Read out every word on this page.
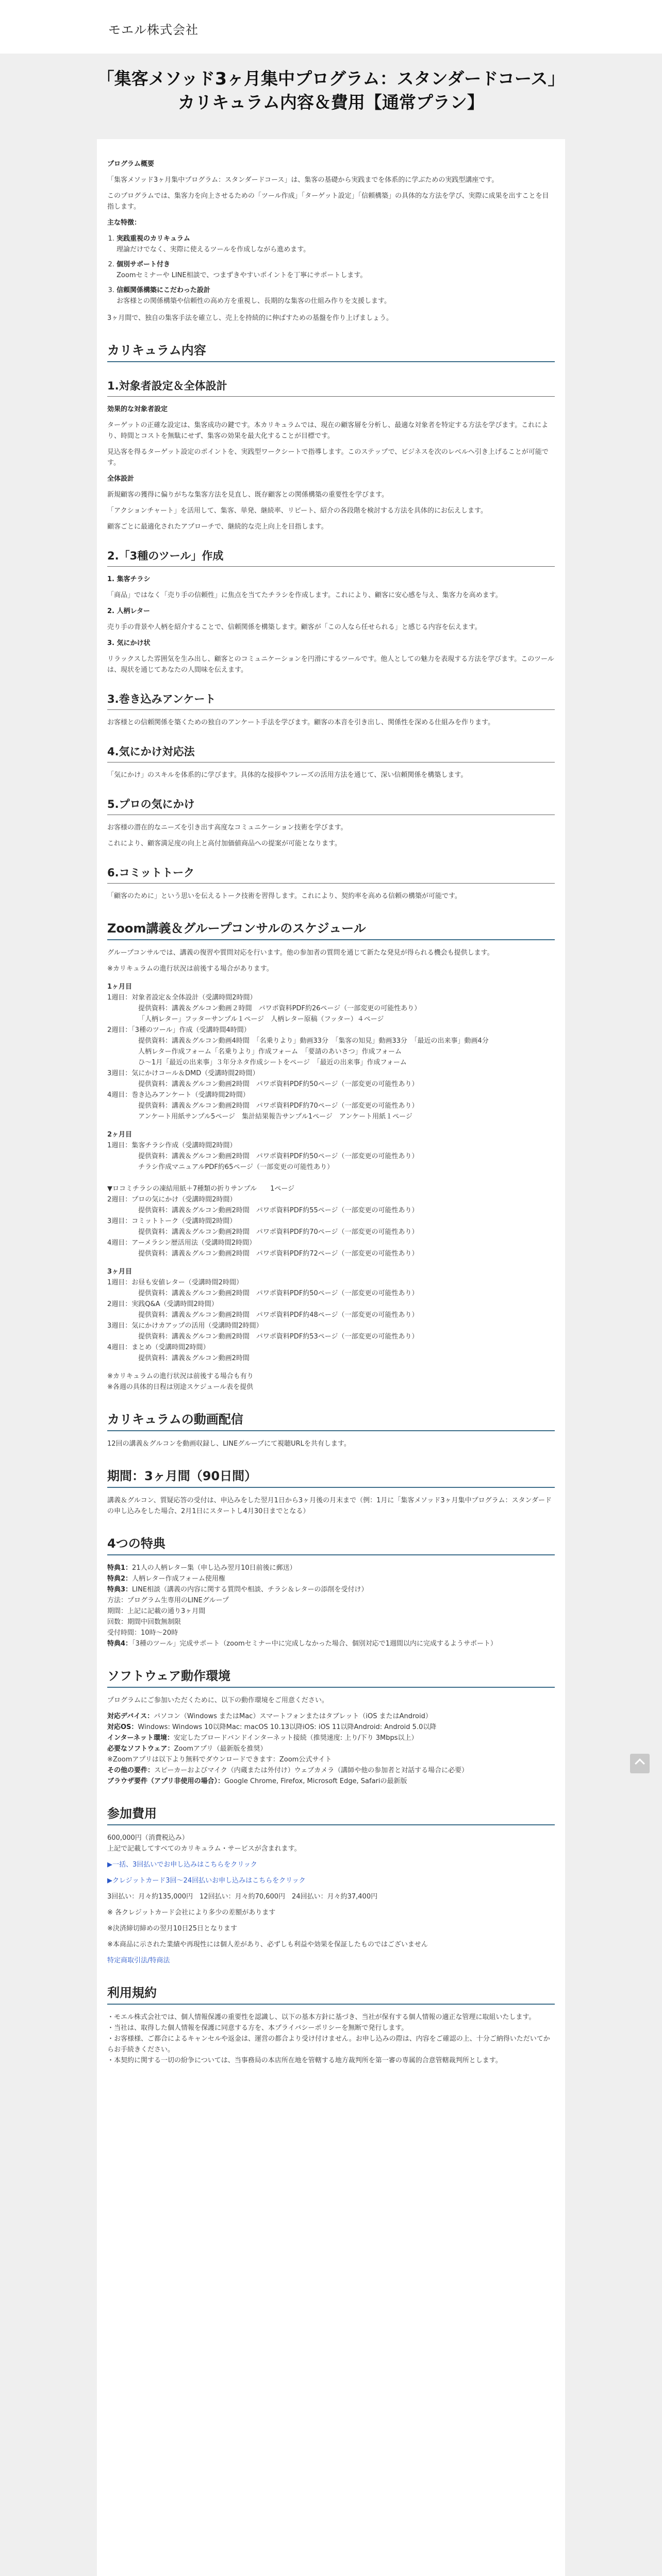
モエル株式会社
「集客メソッド3ヶ月集中プログラム：スタンダードコース」
カリキュラム内容＆費用【通常プラン】

プログラム概要

「集客メソッド3ヶ月集中プログラム：スタンダードコース」は、集客の基礎から実践までを体系的に学ぶための実践型講座です。

このプログラムでは、集客力を向上させるための「ツール作成」「ターゲット設定」「信頼構築」の具体的な方法を学び、実際に成果を出すことを目指します。

主な特徴：

1. 実践重視のカリキュラム
理論だけでなく、実際に使えるツールを作成しながら進めます。
2. 個別サポート付き
Zoomセミナーや LINE相談で、つまずきやすいポイントを丁寧にサポートします。
3. 信頼関係構築にこだわった設計
お客様との関係構築や信頼性の高め方を重視し、長期的な集客の仕組み作りを支援します。

3ヶ月間で、独自の集客手法を確立し、売上を持続的に伸ばすための基盤を作り上げましょう。

カリキュラム内容
1.対象者設定＆全体設計

効果的な対象者設定

ターゲットの正確な設定は、集客成功の鍵です。本カリキュラムでは、現在の顧客層を分析し、最適な対象者を特定する方法を学びます。これにより、時間とコストを無駄にせず、集客の効果を最大化することが目標です。

見込客を得るターゲット設定のポイントを、実践型ワークシートで指導します。このステップで、ビジネスを次のレベルへ引き上げることが可能です。

全体設計

新規顧客の獲得に偏りがちな集客方法を見直し、既存顧客との関係構築の重要性を学びます。

「アクションチャート」を活用して、集客、単発、継続率、リピート、紹介の各段階を検討する方法を具体的にお伝えします。

顧客ごとに最適化されたアプローチで、継続的な売上向上を目指します。

2.「3種のツール」作成

1. 集客チラシ

「商品」ではなく「売り手の信頼性」に焦点を当てたチラシを作成します。これにより、顧客に安心感を与え、集客力を高めます。

2. 人柄レター

売り手の背景や人柄を紹介することで、信頼関係を構築します。顧客が「この人なら任せられる」と感じる内容を伝えます。

3. 気にかけ状

リラックスした雰囲気を生み出し、顧客とのコミュニケーションを円滑にするツールです。他人としての魅力を表現する方法を学びます。このツールは、現状を通じてあなたの人間味を伝えます。

3.巻き込みアンケート

お客様との信頼関係を築くための独自のアンケート手法を学びます。顧客の本音を引き出し、関係性を深める仕組みを作ります。

4.気にかけ対応法

「気にかけ」のスキルを体系的に学びます。具体的な接拶やフレーズの活用方法を通じて、深い信頼関係を構築します。

5.プロの気にかけ

お客様の潜在的なニーズを引き出す高度なコミュニケーション技術を学びます。

これにより、顧客満足度の向上と高付加価値商品への提案が可能となります。

6.コミットトーク

「顧客のために」という思いを伝えるトーク技術を習得します。これにより、契約率を高める信頼の構築が可能です。

Zoom講義＆グループコンサルのスケジュール

グループコンサルでは、講義の復習や質問対応を行います。他の参加者の質問を通じて新たな発見が得られる機会も提供します。

※カリキュラムの進行状況は前後する場合があります。

1ヶ月目
1週目：対象者設定＆全体設計（受講時間2時間）
提供資料：講義＆グルコン動画２時間　パワポ資料PDF約26ページ（一部変更の可能性あり）
「人柄レター」フッターサンプル１ページ　人柄レター原稿（フッター）４ページ
2週目：「3種のツール」作成（受講時間4時間）
提供資料：講義＆グルコン動画4時間　「名乗りより」動画33分　「集客の知見」動画33分　「最近の出来事」動画4分
人柄レター作成フォーム「名乗りより」作成フォーム　「要請のあいさつ」作成フォーム
ひ〜1月「最近の出来事」３年分ネタ作成シートをページ　「最近の出来事」作成フォーム
3週目：気にかけコール＆DMD（受講時間2時間）
提供資料：講義＆グルコン動画2時間　パワポ資料PDF約50ページ（一部変更の可能性あり）
4週目：巻き込みアンケート（受講時間2時間）
提供資料：講義＆グルコン動画2時間　パワポ資料PDF約70ページ（一部変更の可能性あり）
アンケート用紙サンプル5ページ　集計結果報告サンプル1ページ　アンケート用紙１ページ
2ヶ月目
1週目：集客チラシ作成（受講時間2時間）
提供資料：講義＆グルコン動画2時間　パワポ資料PDF約50ページ（一部変更の可能性あり）
チラシ作成マニュアルPDF約65ページ（一部変更の可能性あり）

▼ロコミチラシの凍結用紙＋7種類の折りサンプル　　1ページ
2週目：プロの気にかけ（受講時間2時間）
提供資料：講義＆グルコン動画2時間　パワポ資料PDF約55ページ（一部変更の可能性あり）
3週目：コミットトーク（受講時間2時間）
提供資料：講義＆グルコン動画2時間　パワポ資料PDF約70ページ（一部変更の可能性あり）
4週目：アーメラシン歴活用法（受講時間2時間）
提供資料：講義＆グルコン動画2時間　パワポ資料PDF約72ページ（一部変更の可能性あり）
3ヶ月目
1週目：お昼も安値レター（受講時間2時間）
提供資料：講義＆グルコン動画2時間　パワポ資料PDF約50ページ（一部変更の可能性あり）
2週目：実践Q&A（受講時間2時間）
提供資料：講義＆グルコン動画2時間　パワポ資料PDF約48ページ（一部変更の可能性あり）
3週目：気にかけカアップの活用（受講時間2時間）
提供資料：講義＆グルコン動画2時間　パワポ資料PDF約53ページ（一部変更の可能性あり）
4週目：まとめ（受講時間2時間）
提供資料：講義＆グルコン動画2時間

※カリキュラムの進行状況は前後する場合も有り

※各週の具体的日程は別途スケジュール表を提供

カリキュラムの動画配信

12回の講義＆グルコンを動画収録し、LINEグループにて視聴URLを共有します。

期間：3ヶ月間（90日間）

講義＆グルコン、質疑応答の受付は、申込みをした翌月1日から3ヶ月後の月末まで（例：1月に「集客メソッド3ヶ月集中プログラム：スタンダードの申し込みをした場合、2月1日にスタートし4月30日までとなる）

4つの特典
特典1：21人の人柄レター集（申し込み翌月10日前後に郵送）
特典2：人柄レター作成フォーム使用権
特典3：LINE相談（講義の内容に関する質問や相談、チラシ＆レターの添削を受付け）
方法：プログラム生専用のLINEグループ
期間：上記に記載の通り3ヶ月間
回数：期間中回数無制限
受付時間：10時〜20時
特典4：「3種のツール」完成サポート（zoomセミナー中に完成しなかった場合、個別対応で1週間以内に完成するようサポート）
ソフトウェア動作環境

プログラムにご参加いただくために、以下の動作環境をご用意ください。

対応デバイス：パソコン（Windows またはMac）スマートフォンまたはタブレット（iOS またはAndroid）
対応OS：Windows: Windows 10以降Mac: macOS 10.13以降iOS: iOS 11以降Android: Android 5.0以降
インターネット環境：安定したブロードバンドインターネット接続（推奨速度: 上り/下り 3Mbps以上）
必要なソフトウェア：Zoomアプリ（最新版を推奨）
※Zoomアプリは以下より無料でダウンロードできます：Zoom公式サイト
その他の要件：スピーカーおよびマイク（内蔵または外付け）ウェブカメラ（講師や他の参加者と対話する場合に必要）
ブラウザ要件（アプリ非使用の場合）：Google Chrome, Firefox, Microsoft Edge, Safariの最新版
参加費用

600,000円（消費税込み）

上記で記載してすべてのカリキュラム・サービスが含まれます。

▶一括、3回払いでお申し込みはこちらをクリック

▶クレジットカード3回〜24回払いお申し込みはこちらをクリック

3回払い：月々約135,000円　12回払い：月々約70,600円　24回払い：月々約37,400円

※ 各クレジットカード会社により多少の差額があります

※決済締切締めの翌月10日25日となります

※本商品に示された業績や再現性には個人差があり、必ずしも利益や効果を保証したものではございません

特定商取引法/特商法

利用規約
・モエル株式会社では、個人情報保護の重要性を認識し、以下の基本方針に基づき、当社が保有する個人情報の適正な管理に取組いたします。
・当社は、取得した個人情報を保護に同意する方を、本プライバシーポリシーを無断で発行します。
・お客様様、ご都合によるキャンセルや返金は、運営の都合より受け付けません。お申し込みの際は、内容をご確認の上、十分ご納得いただいてからお手続きください。
・本契約に関する一切の紛争については、当事務局の本店所在地を管轄する地方裁判所を第一審の専属的合意管轄裁判所とします。
